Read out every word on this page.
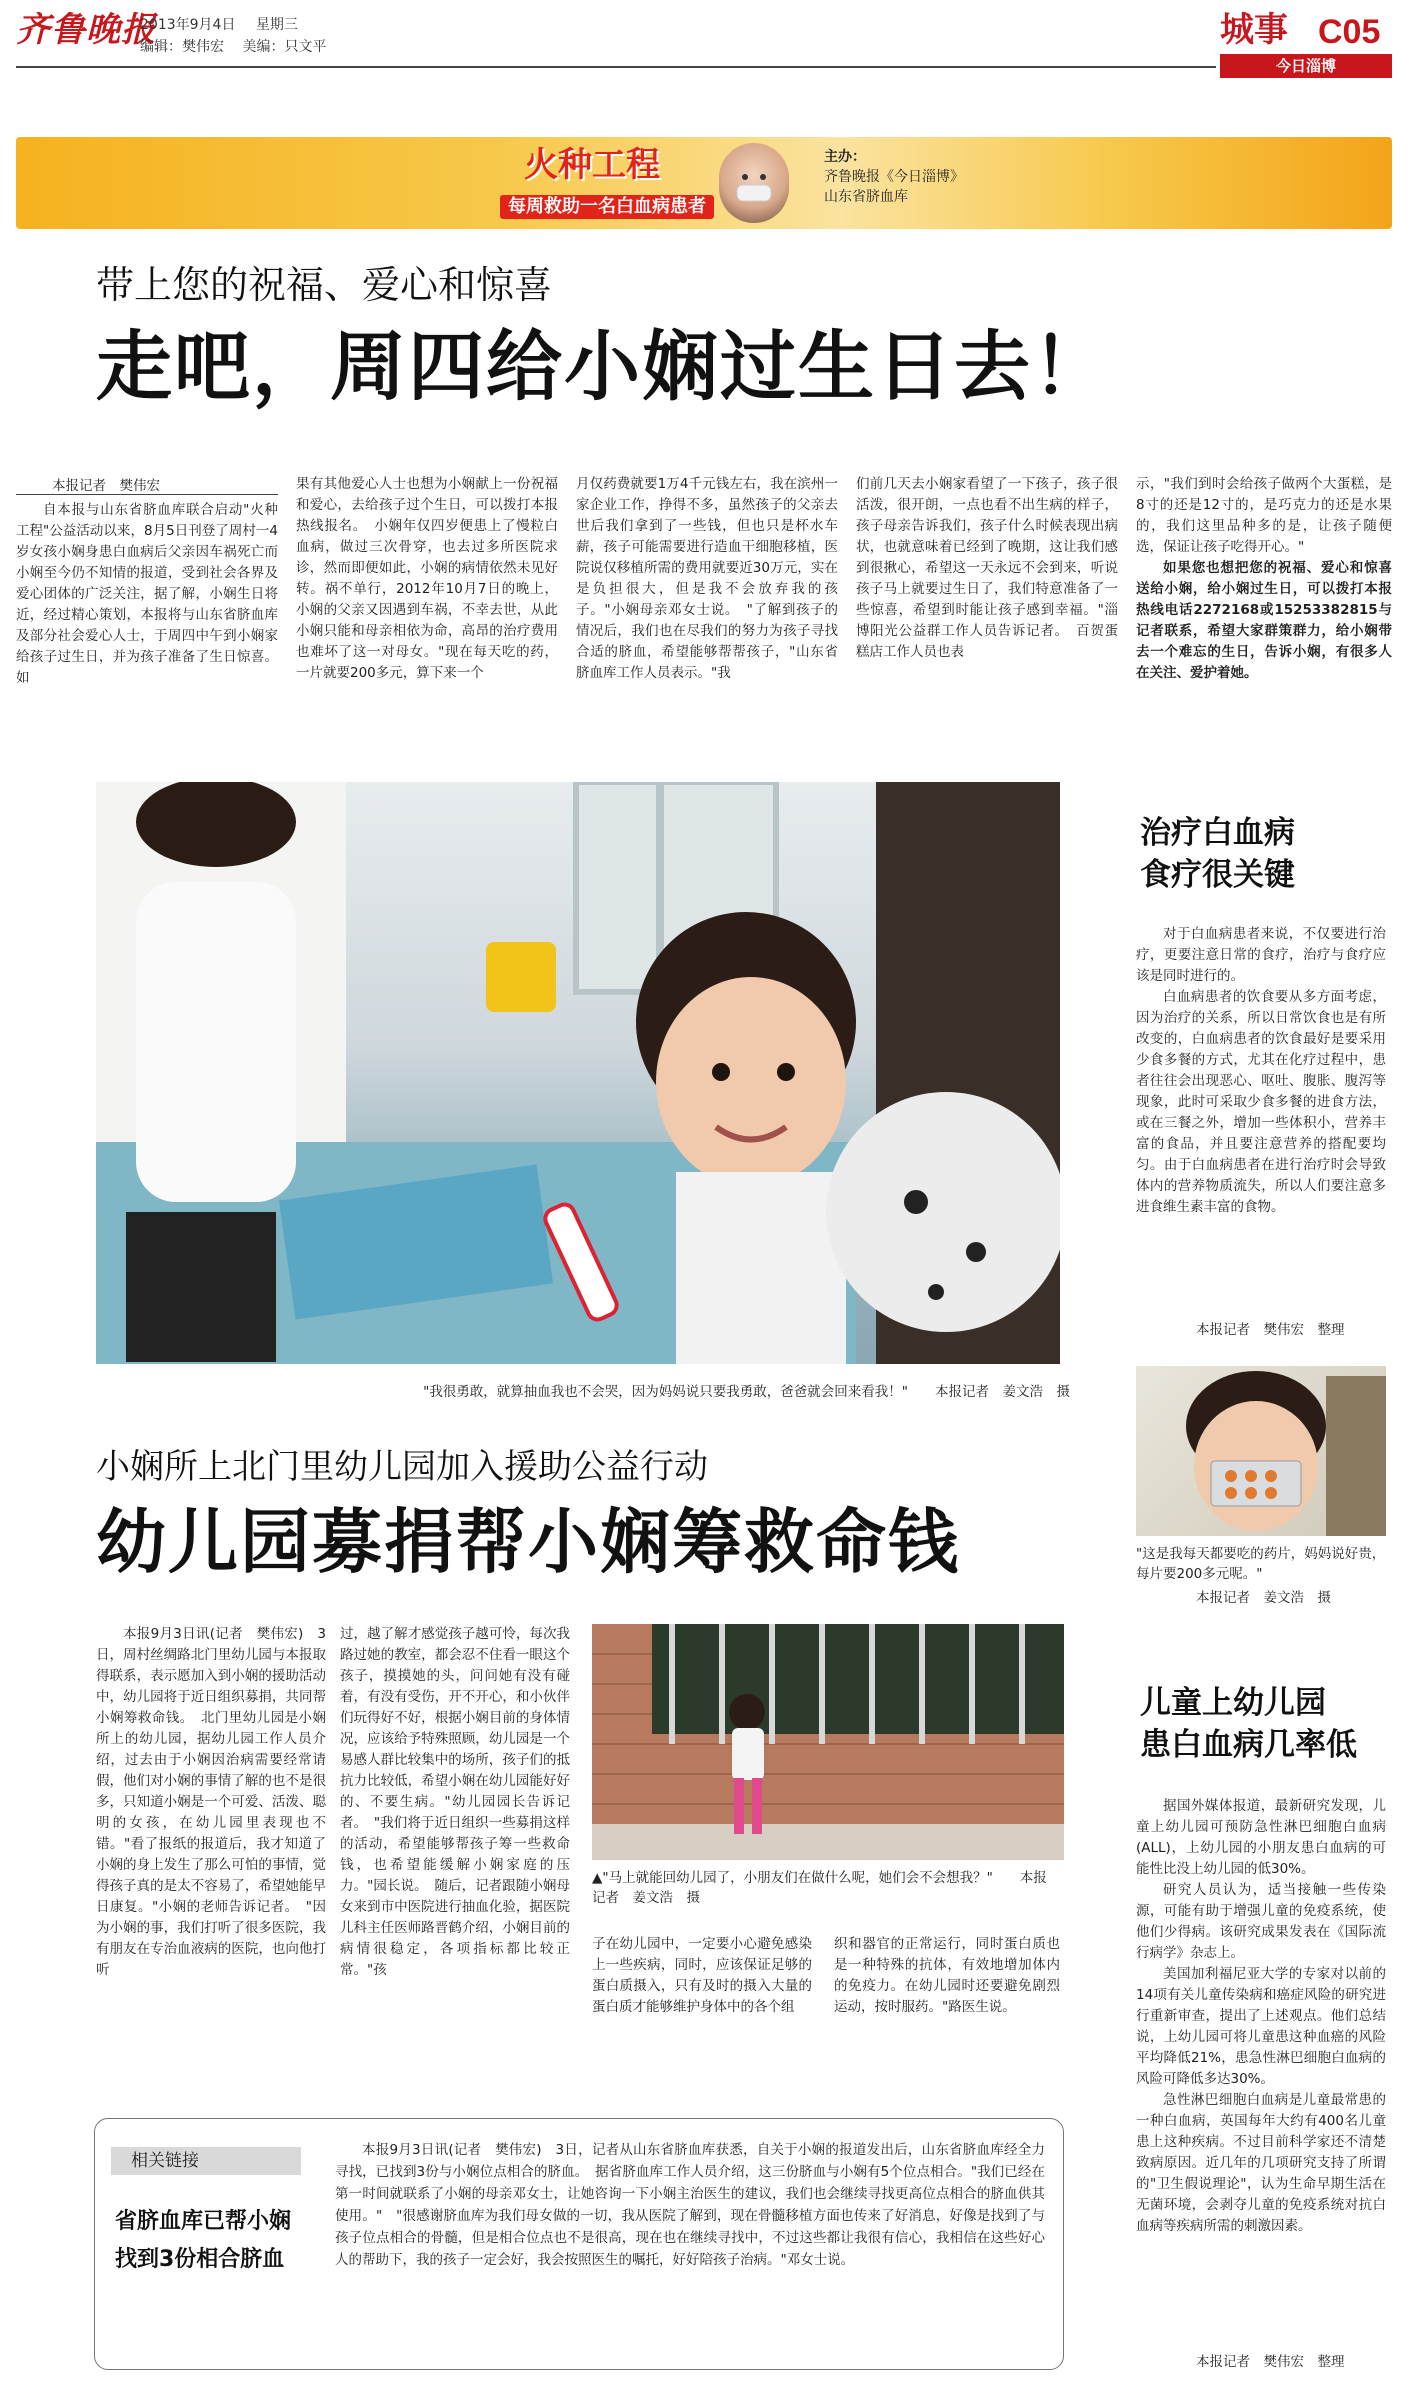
齐鲁晚报
2013年9月4日 星期三
编辑：樊伟宏 美编：只文平	城事 C05
今日淄博
火种工程
每周救助一名白血病患者
主办：
齐鲁晚报《今日淄博》
山东省脐血库
带上您的祝福、爱心和惊喜
走吧，周四给小娴过生日去！
本报记者　樊伟宏

自本报与山东省脐血库联合启动"火种工程"公益活动以来，8月5日刊登了周村一4岁女孩小娴身患白血病后父亲因车祸死亡而小娴至今仍不知情的报道，受到社会各界及爱心团体的广泛关注，据了解，小娴生日将近，经过精心策划，本报将与山东省脐血库及部分社会爱心人士，于周四中午到小娴家给孩子过生日，并为孩子准备了生日惊喜。如

果有其他爱心人士也想为小娴献上一份祝福和爱心，去给孩子过个生日，可以拨打本报热线报名。　小娴年仅四岁便患上了慢粒白血病，做过三次骨穿，也去过多所医院求诊，然而即便如此，小娴的病情依然未见好转。祸不单行，2012年10月7日的晚上，小娴的父亲又因遇到车祸，不幸去世，从此小娴只能和母亲相依为命，高昂的治疗费用也难坏了这一对母女。"现在每天吃的药，一片就要200多元，算下来一个

月仅药费就要1万4千元钱左右，我在滨州一家企业工作，挣得不多，虽然孩子的父亲去世后我们拿到了一些钱，但也只是杯水车薪，孩子可能需要进行造血干细胞移植，医院说仅移植所需的费用就要近30万元，实在是负担很大，但是我不会放弃我的孩子。"小娴母亲邓女士说。　"了解到孩子的情况后，我们也在尽我们的努力为孩子寻找合适的脐血，希望能够帮帮孩子，"山东省脐血库工作人员表示。"我

们前几天去小娴家看望了一下孩子，孩子很活泼，很开朗，一点也看不出生病的样子，孩子母亲告诉我们，孩子什么时候表现出病状，也就意味着已经到了晚期，这让我们感到很揪心，希望这一天永远不会到来，听说孩子马上就要过生日了，我们特意准备了一些惊喜，希望到时能让孩子感到幸福。"淄博阳光公益群工作人员告诉记者。　百贺蛋糕店工作人员也表

示，"我们到时会给孩子做两个大蛋糕，是8寸的还是12寸的，是巧克力的还是水果的，我们这里品种多的是，让孩子随便选，保证让孩子吃得开心。"

如果您也想把您的祝福、爱心和惊喜送给小娴，给小娴过生日，可以拨打本报热线电话2272168或15253382815与记者联系，希望大家群策群力，给小娴带去一个难忘的生日，告诉小娴，有很多人在关注、爱护着她。

"我很勇敢，就算抽血我也不会哭，因为妈妈说只要我勇敢，爸爸就会回来看我！"　　本报记者　姜文浩　摄
治疗白血病
食疗很关键

对于白血病患者来说，不仅要进行治疗，更要注意日常的食疗，治疗与食疗应该是同时进行的。

白血病患者的饮食要从多方面考虑，因为治疗的关系，所以日常饮食也是有所改变的，白血病患者的饮食最好是要采用少食多餐的方式，尤其在化疗过程中，患者往往会出现恶心、呕吐、腹胀、腹泻等现象，此时可采取少食多餐的进食方法，或在三餐之外，增加一些体积小，营养丰富的食品，并且要注意营养的搭配要均匀。由于白血病患者在进行治疗时会导致体内的营养物质流失，所以人们要注意多进食维生素丰富的食物。

本报记者　樊伟宏　整理
"这是我每天都要吃的药片，妈妈说好贵，每片要200多元呢。"
本报记者　姜文浩　摄
小娴所上北门里幼儿园加入援助公益行动
幼儿园募捐帮小娴筹救命钱

本报9月3日讯(记者　樊伟宏)　3日，周村丝绸路北门里幼儿园与本报取得联系，表示愿加入到小娴的援助活动中，幼儿园将于近日组织募捐，共同帮小娴筹救命钱。　北门里幼儿园是小娴所上的幼儿园，据幼儿园工作人员介绍，过去由于小娴因治病需要经常请假，他们对小娴的事情了解的也不是很多，只知道小娴是一个可爱、活泼、聪明的女孩，在幼儿园里表现也不错。"看了报纸的报道后，我才知道了小娴的身上发生了那么可怕的事情，觉得孩子真的是太不容易了，希望她能早日康复。"小娴的老师告诉记者。　"因为小娴的事，我们打听了很多医院，我有朋友在专治血液病的医院，也向他打听

过，越了解才感觉孩子越可怜，每次我路过她的教室，都会忍不住看一眼这个孩子，摸摸她的头，问问她有没有碰着，有没有受伤，开不开心，和小伙伴们玩得好不好，根据小娴目前的身体情况，应该给予特殊照顾，幼儿园是一个易感人群比较集中的场所，孩子们的抵抗力比较低，希望小娴在幼儿园能好好的、不要生病。"幼儿园园长告诉记者。　"我们将于近日组织一些募捐这样的活动，希望能够帮孩子筹一些救命钱，也希望能缓解小娴家庭的压力。"园长说。　随后，记者跟随小娴母女来到市中医院进行抽血化验，据医院儿科主任医师路晋鹤介绍，小娴目前的病情很稳定，各项指标都比较正常。"孩

▲"马上就能回幼儿园了，小朋友们在做什么呢，她们会不会想我？"　　本报记者　姜文浩　摄

子在幼儿园中，一定要小心避免感染上一些疾病，同时，应该保证足够的蛋白质摄入，只有及时的摄入大量的蛋白质才能够维护身体中的各个组

织和器官的正常运行，同时蛋白质也是一种特殊的抗体，有效地增加体内的免疫力。在幼儿园时还要避免剧烈运动，按时服药。"路医生说。

相关链接
省脐血库已帮小娴
找到3份相合脐血

本报9月3日讯(记者　樊伟宏)　3日，记者从山东省脐血库获悉，自关于小娴的报道发出后，山东省脐血库经全力寻找，已找到3份与小娴位点相合的脐血。　据省脐血库工作人员介绍，这三份脐血与小娴有5个位点相合。"我们已经在第一时间就联系了小娴的母亲邓女士，让她咨询一下小娴主治医生的建议，我们也会继续寻找更高位点相合的脐血供其使用。"　"很感谢脐血库为我们母女做的一切，我从医院了解到，现在骨髓移植方面也传来了好消息，好像是找到了与孩子位点相合的骨髓，但是相合位点也不是很高，现在也在继续寻找中，不过这些都让我很有信心，我相信在这些好心人的帮助下，我的孩子一定会好，我会按照医生的嘱托，好好陪孩子治病。"邓女士说。

儿童上幼儿园
患白血病几率低

据国外媒体报道，最新研究发现，儿童上幼儿园可预防急性淋巴细胞白血病(ALL)，上幼儿园的小朋友患白血病的可能性比没上幼儿园的低30%。

研究人员认为，适当接触一些传染源，可能有助于增强儿童的免疫系统，使他们少得病。该研究成果发表在《国际流行病学》杂志上。

美国加利福尼亚大学的专家对以前的14项有关儿童传染病和癌症风险的研究进行重新审查，提出了上述观点。他们总结说，上幼儿园可将儿童患这种血癌的风险平均降低21%，患急性淋巴细胞白血病的风险可降低多达30%。

急性淋巴细胞白血病是儿童最常患的一种白血病，英国每年大约有400名儿童患上这种疾病。不过目前科学家还不清楚致病原因。近几年的几项研究支持了所谓的"卫生假说理论"，认为生命早期生活在无菌环境，会剥夺儿童的免疫系统对抗白血病等疾病所需的刺激因素。

本报记者　樊伟宏　整理
